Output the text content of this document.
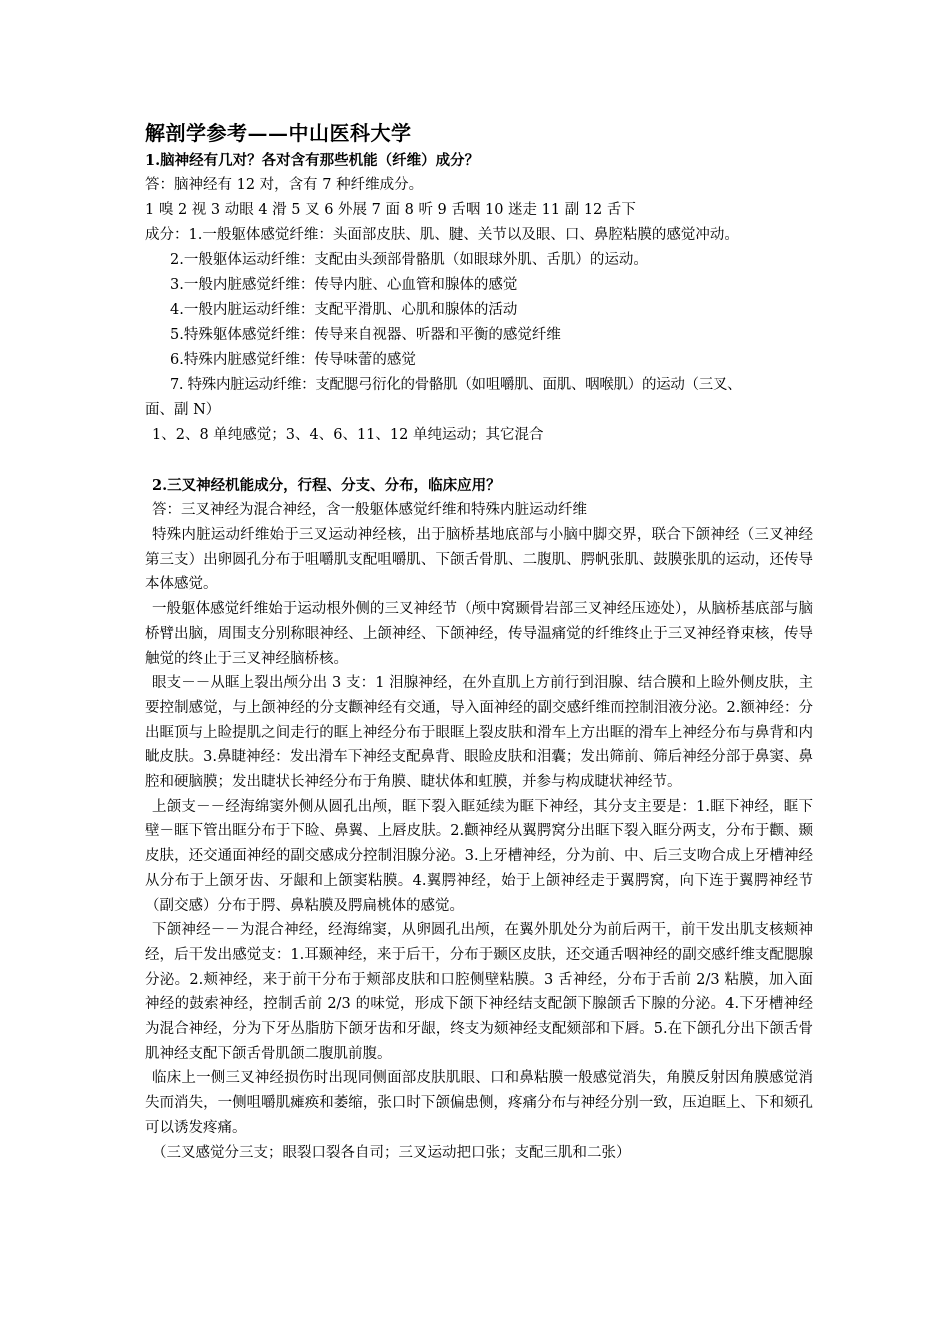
解剖学参考——中山医科大学

1.脑神经有几对？各对含有那些机能（纤维）成分？

答：脑神经有 12 对，含有 7 种纤维成分。

1 嗅 2 视 3 动眼 4 滑 5 叉 6 外展 7 面 8 听 9 舌咽 10 迷走 11 副 12 舌下

成分：1.一般躯体感觉纤维：头面部皮肤、肌、腱、关节以及眼、口、鼻腔粘膜的感觉冲动。

2.一般躯体运动纤维：支配由头颈部骨骼肌（如眼球外肌、舌肌）的运动。

3.一般内脏感觉纤维：传导内脏、心血管和腺体的感觉

4.一般内脏运动纤维：支配平滑肌、心肌和腺体的活动

5.特殊躯体感觉纤维：传导来自视器、听器和平衡的感觉纤维

6.特殊内脏感觉纤维：传导味蕾的感觉

7. 特殊内脏运动纤维：支配腮弓衍化的骨骼肌（如咀嚼肌、面肌、咽喉肌）的运动（三叉、

面、副 N）

1、2、8 单纯感觉；3、4、6、11、12 单纯运动；其它混合

2.三叉神经机能成分，行程、分支、分布，临床应用？

答：三叉神经为混合神经，含一般躯体感觉纤维和特殊内脏运动纤维

特殊内脏运动纤维始于三叉运动神经核，出于脑桥基地底部与小脑中脚交界，联合下颌神经（三叉神经第三支）出卵圆孔分布于咀嚼肌支配咀嚼肌、下颌舌骨肌、二腹肌、腭帆张肌、鼓膜张肌的运动，还传导本体感觉。

一般躯体感觉纤维始于运动根外侧的三叉神经节（颅中窝颞骨岩部三叉神经压迹处），从脑桥基底部与脑桥臂出脑，周围支分别称眼神经、上颌神经、下颌神经，传导温痛觉的纤维终止于三叉神经脊束核，传导触觉的终止于三叉神经脑桥核。

眼支－－从眶上裂出颅分出 3 支：1 泪腺神经，在外直肌上方前行到泪腺、结合膜和上睑外侧皮肤，主要控制感觉，与上颌神经的分支颧神经有交通，导入面神经的副交感纤维而控制泪液分泌。2.额神经：分出眶顶与上睑提肌之间走行的眶上神经分布于眼眶上裂皮肤和滑车上方出眶的滑车上神经分布与鼻背和内眦皮肤。3.鼻睫神经：发出滑车下神经支配鼻背、眼睑皮肤和泪囊；发出筛前、筛后神经分部于鼻窦、鼻腔和硬脑膜；发出睫状长神经分布于角膜、睫状体和虹膜，并参与构成睫状神经节。

上颌支－－经海绵窦外侧从圆孔出颅，眶下裂入眶延续为眶下神经，其分支主要是：1.眶下神经，眶下壁－眶下管出眶分布于下睑、鼻翼、上唇皮肤。2.颧神经从翼腭窝分出眶下裂入眶分两支，分布于颧、颞皮肤，还交通面神经的副交感成分控制泪腺分泌。3.上牙槽神经，分为前、中、后三支吻合成上牙槽神经从分布于上颌牙齿、牙龈和上颌窦粘膜。4.翼腭神经，始于上颌神经走于翼腭窝，向下连于翼腭神经节（副交感）分布于腭、鼻粘膜及腭扁桃体的感觉。

下颌神经－－为混合神经，经海绵窦，从卵圆孔出颅，在翼外肌处分为前后两干，前干发出肌支核颊神经，后干发出感觉支：1.耳颞神经，来于后干，分布于颞区皮肤，还交通舌咽神经的副交感纤维支配腮腺分泌。2.颊神经，来于前干分布于颊部皮肤和口腔侧壁粘膜。3 舌神经，分布于舌前 2/3 粘膜，加入面神经的鼓索神经，控制舌前 2/3 的味觉，形成下颌下神经结支配颌下腺颌舌下腺的分泌。4.下牙槽神经为混合神经，分为下牙丛脂肪下颌牙齿和牙龈，终支为颏神经支配颏部和下唇。5.在下颌孔分出下颌舌骨肌神经支配下颌舌骨肌颌二腹肌前腹。

临床上一侧三叉神经损伤时出现同侧面部皮肤肌眼、口和鼻粘膜一般感觉消失，角膜反射因角膜感觉消失而消失，一侧咀嚼肌瘫痪和萎缩，张口时下颌偏患侧，疼痛分布与神经分别一致，压迫眶上、下和颏孔可以诱发疼痛。

（三叉感觉分三支；眼裂口裂各自司；三叉运动把口张；支配三肌和二张）
